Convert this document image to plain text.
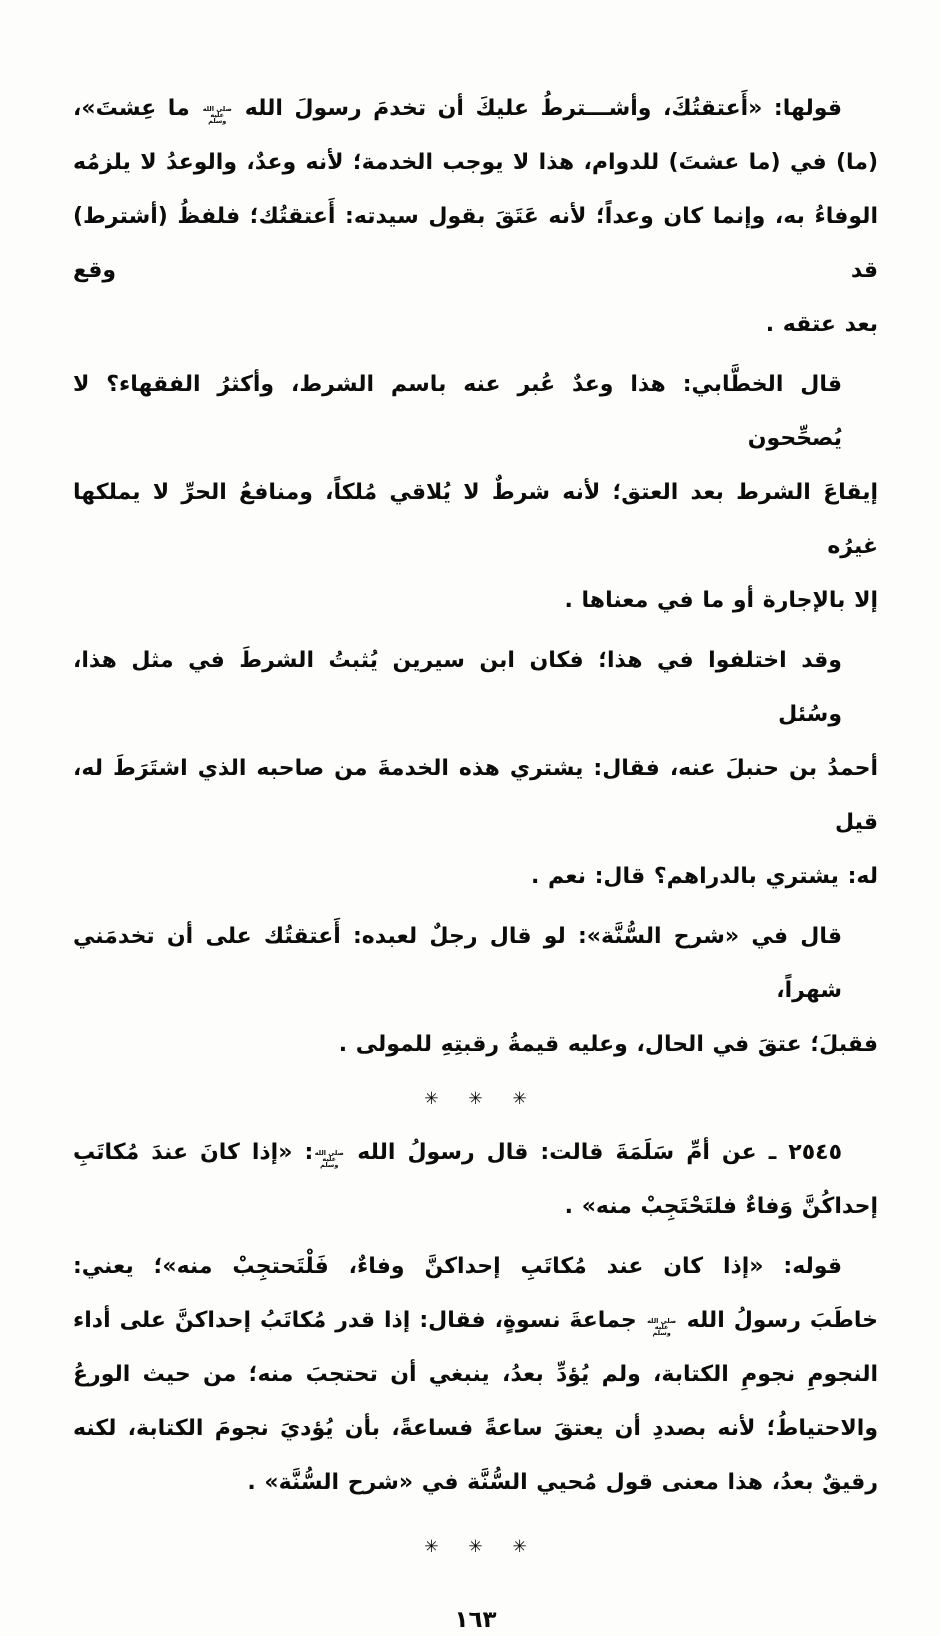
قولها: «أَعتقتُكَ، وأشـــترطُ عليكَ أن تخدمَ رسولَ الله صلى الله عليه وسلم ما عِشتَ»،
(ما) في (ما عشتَ) للدوام، هذا لا يوجب الخدمة؛ لأنه وعدٌ، والوعدُ لا يلزمُه
الوفاءُ به، وإنما كان وعداً؛ لأنه عَتَقَ بقول سيدته: أَعتقتُك؛ فلفظُ (أشترط) قد وقع
بعد عتقه .
قال الخطَّابي: هذا وعدٌ عُبر عنه باسم الشرط، وأكثرُ الفقهاء؟ لا يُصحِّحون
إيقاعَ الشرط بعد العتق؛ لأنه شرطٌ لا يُلاقي مُلكاً، ومنافعُ الحرِّ لا يملكها غيرُه
إلا بالإجارة أو ما في معناها .
وقد اختلفوا في هذا؛ فكان ابن سيرين يُثبتُ الشرطَ في مثل هذا، وسُئل
أحمدُ بن حنبلَ عنه، فقال: يشتري هذه الخدمةَ من صاحبه الذي اشتَرَطَ له، قيل
له: يشتري بالدراهم؟ قال: نعم .
قال في «شرح السُّنَّة»: لو قال رجلٌ لعبده: أَعتقتُك على أن تخدمَني شهراً،
فقبلَ؛ عتقَ في الحال، وعليه قيمةُ رقبتِهِ للمولى .
✳ ✳ ✳
٢٥٤٥ ـ عن أمِّ سَلَمَةَ قالت: قال رسولُ الله صلى الله عليه وسلم: «إذا كانَ عندَ مُكاتَبِ
إحداكُنَّ وَفاءٌ فلتَحْتَجِبْ منه» .
قوله: «إذا كان عند مُكاتَبِ إحداكنَّ وفاءٌ، فَلْتَحتجِبْ منه»؛ يعني:
خاطَبَ رسولُ الله صلى الله عليه وسلم جماعةَ نسوةٍ، فقال: إذا قدر مُكاتَبُ إحداكنَّ على أداء
النجومِ نجومِ الكتابة، ولم يُؤدِّ بعدُ، ينبغي أن تحتجبَ منه؛ من حيث الورعُ
والاحتياطُ؛ لأنه بصددِ أن يعتقَ ساعةً فساعةً، بأن يُؤديَ نجومَ الكتابة، لكنه
رقيقٌ بعدُ، هذا معنى قول مُحيي السُّنَّة في «شرح السُّنَّة» .
✳ ✳ ✳
١٦٣
